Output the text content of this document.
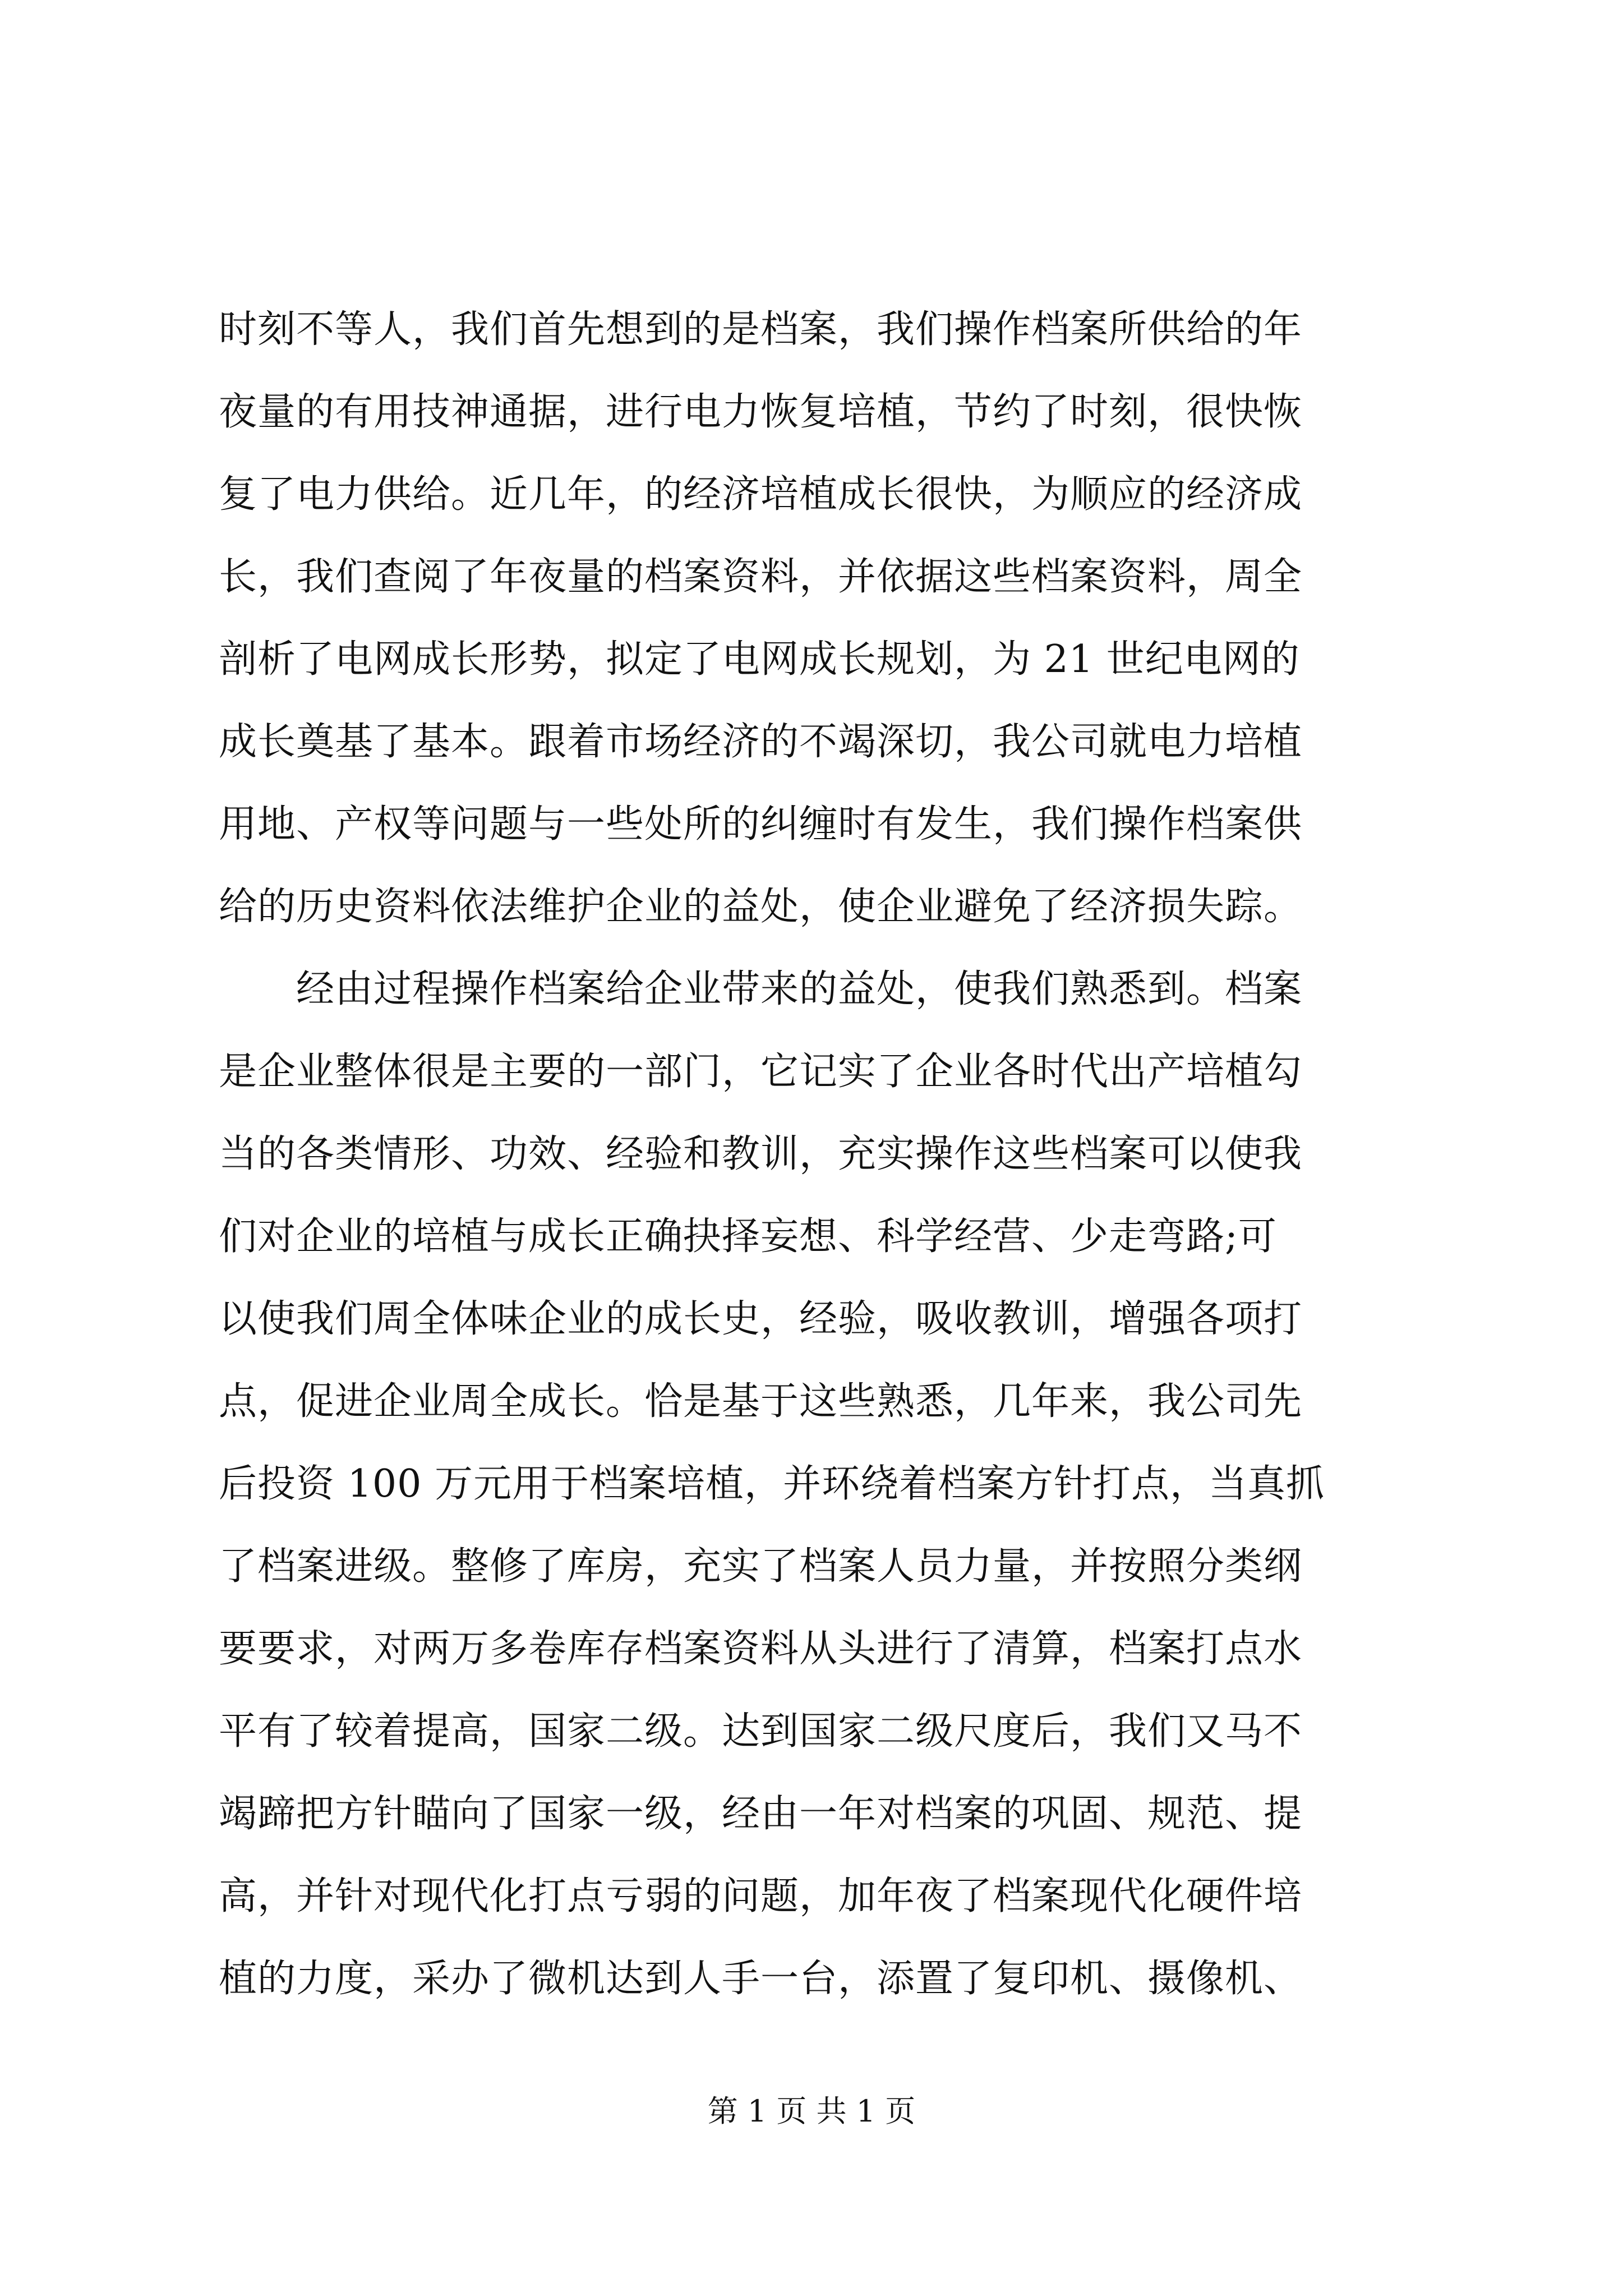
时刻不等人，我们首先想到的是档案，我们操作档案所供给的年
夜量的有用技神通据，进行电力恢复培植，节约了时刻，很快恢
复了电力供给。近几年，的经济培植成长很快，为顺应的经济成
长，我们查阅了年夜量的档案资料，并依据这些档案资料，周全
剖析了电网成长形势，拟定了电网成长规划，为 21 世纪电网的
成长奠基了基本。跟着市场经济的不竭深切，我公司就电力培植
用地、产权等问题与一些处所的纠缠时有发生，我们操作档案供
给的历史资料依法维护企业的益处，使企业避免了经济损失踪。
　　经由过程操作档案给企业带来的益处，使我们熟悉到。档案
是企业整体很是主要的一部门，它记实了企业各时代出产培植勾
当的各类情形、功效、经验和教训，充实操作这些档案可以使我
们对企业的培植与成长正确抉择妄想、科学经营、少走弯路;可
以使我们周全体味企业的成长史，经验，吸收教训，增强各项打
点，促进企业周全成长。恰是基于这些熟悉，几年来，我公司先
后投资 100 万元用于档案培植，并环绕着档案方针打点，当真抓
了档案进级。整修了库房，充实了档案人员力量，并按照分类纲
要要求，对两万多卷库存档案资料从头进行了清算，档案打点水
平有了较着提高，国家二级。达到国家二级尺度后，我们又马不
竭蹄把方针瞄向了国家一级，经由一年对档案的巩固、规范、提
高，并针对现代化打点亏弱的问题，加年夜了档案现代化硬件培
植的力度，采办了微机达到人手一台，添置了复印机、摄像机、
第 1 页 共 1 页
